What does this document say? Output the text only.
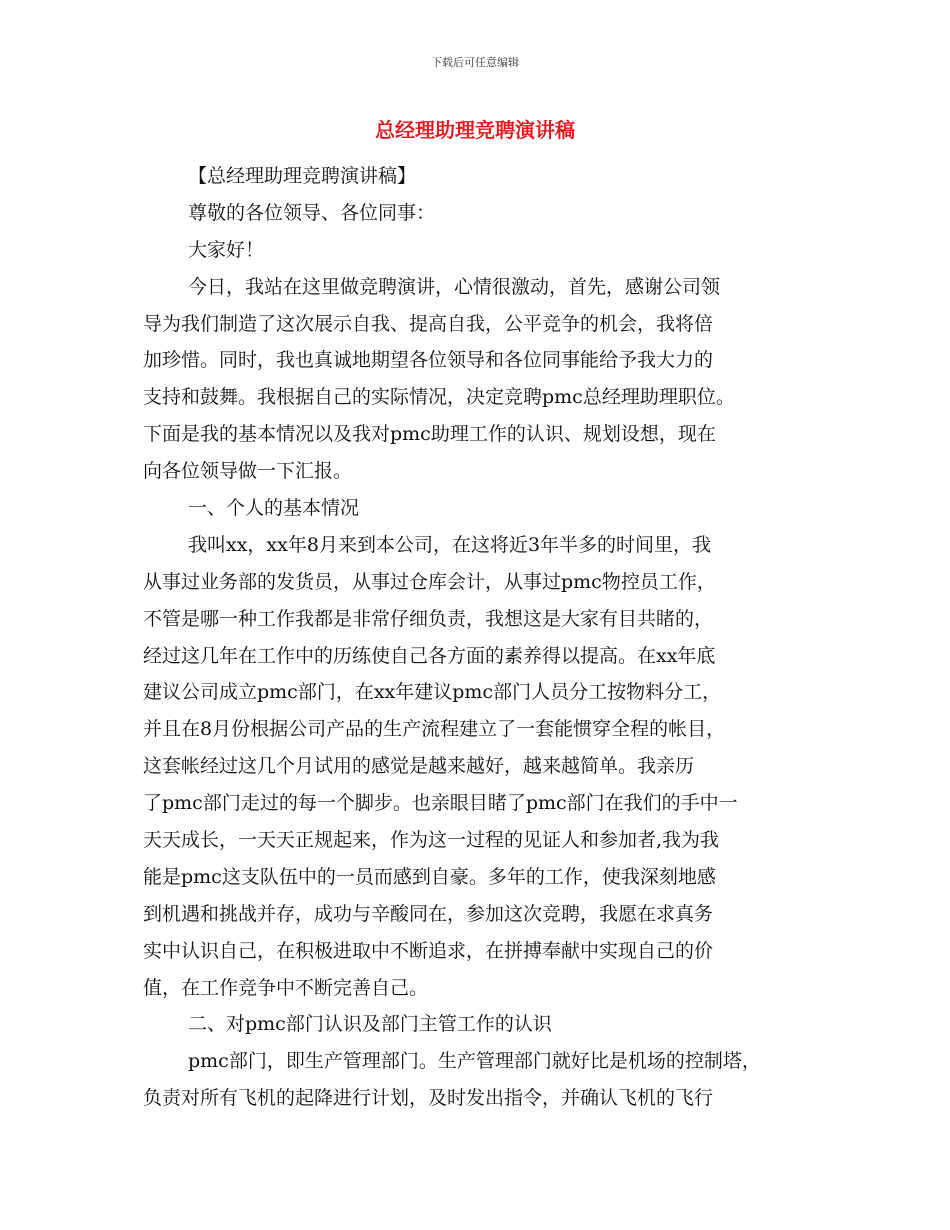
下载后可任意编辑
总经理助理竞聘演讲稿
【总经理助理竞聘演讲稿】
尊敬的各位领导、各位同事：
大家好！
今日，我站在这里做竞聘演讲，心情很激动，首先，感谢公司领
导为我们制造了这次展示自我、提高自我，公平竞争的机会，我将倍
加珍惜。同时，我也真诚地期望各位领导和各位同事能给予我大力的
支持和鼓舞。我根据自己的实际情况，决定竞聘pmc总经理助理职位。
下面是我的基本情况以及我对pmc助理工作的认识、规划设想，现在
向各位领导做一下汇报。
一、个人的基本情况
我叫xx，xx年8月来到本公司，在这将近3年半多的时间里，我
从事过业务部的发货员，从事过仓库会计，从事过pmc物控员工作，
不管是哪一种工作我都是非常仔细负责，我想这是大家有目共睹的，
经过这几年在工作中的历练使自己各方面的素养得以提高。在xx年底
建议公司成立pmc部门，在xx年建议pmc部门人员分工按物料分工，
并且在8月份根据公司产品的生产流程建立了一套能惯穿全程的帐目，
这套帐经过这几个月试用的感觉是越来越好，越来越简单。我亲历
了pmc部门走过的每一个脚步。也亲眼目睹了pmc部门在我们的手中一
天天成长，一天天正规起来，作为这一过程的见证人和参加者,我为我
能是pmc这支队伍中的一员而感到自豪。多年的工作，使我深刻地感
到机遇和挑战并存，成功与辛酸同在，参加这次竞聘，我愿在求真务
实中认识自己，在积极进取中不断追求，在拼搏奉献中实现自己的价
值，在工作竞争中不断完善自己。
二、对pmc部门认识及部门主管工作的认识
pmc部门，即生产管理部门。生产管理部门就好比是机场的控制塔，
负责对所有飞机的起降进行计划，及时发出指令，并确认飞机的飞行
